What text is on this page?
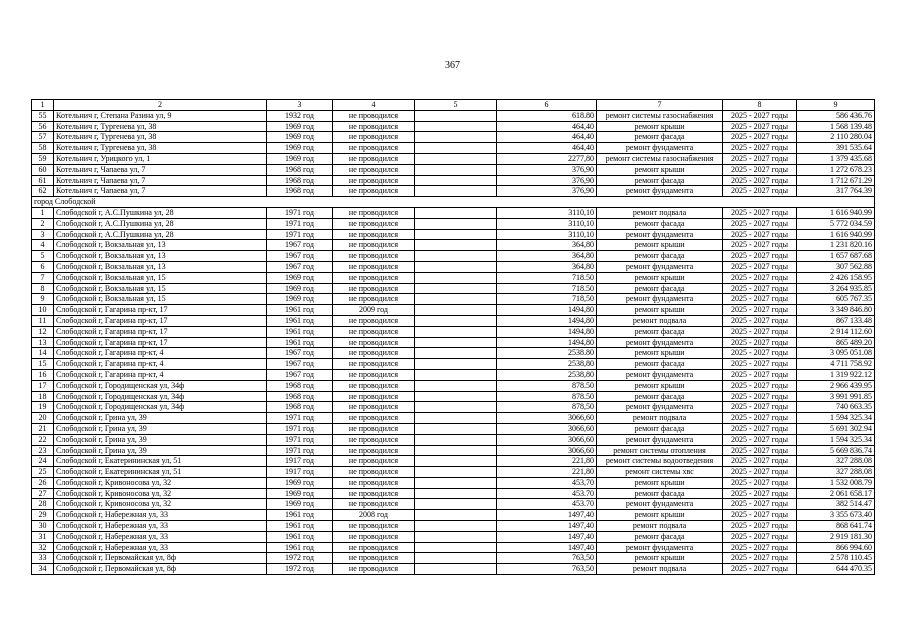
367
1	2	3	4	5	6	7	8	9
55	Котельнич г, Степана Разина ул, 9	1932 год	не проводился		618.80	ремонт системы газоснабжения	2025 - 2027 годы	586 436.76
56	Котельнич г, Тургенева ул, 38	1969 год	не проводился		464,40	ремонт крыши	2025 - 2027 годы	1 568 139.48
57	Котельнич г, Тургенева ул, 38	1969 год	не проводился		464,40	ремонт фасада	2025 - 2027 годы	2 110 280.04
58	Котельнич г, Тургенева ул, 38	1969 год	не проводился		464,40	ремонт фундамента	2025 - 2027 годы	391 535.64
59	Котельнич г, Урицкого ул, 1	1969 год	не проводился		2277,80	ремонт системы газоснабжения	2025 - 2027 годы	1 379 435.68
60	Котельнич г, Чапаева ул, 7	1968 год	не проводился		376,90	ремонт крыши	2025 - 2027 годы	1 272 678.23
61	Котельнич г, Чапаева ул, 7	1968 год	не проводился		376,90	ремонт фасада	2025 - 2027 годы	1 712 671.29
62	Котельнич г, Чапаева ул, 7	1968 год	не проводился		376,90	ремонт фундамента	2025 - 2027 годы	317 764.39
город Слободской								
1	Слободской г, А.С.Пушкина ул, 28	1971 год	не проводился		3110,10	ремонт подвала	2025 - 2027 годы	1 616 940.99
2	Слободской г, А.С.Пушкина ул, 28	1971 год	не проводился		3110,10	ремонт фасада	2025 - 2027 годы	5 772 034.59
3	Слободской г, А.С.Пушкина ул, 28	1971 год	не проводился		3110,10	ремонт фундамента	2025 - 2027 годы	1 616 940.99
4	Слободской г, Вокзальная ул, 13	1967 год	не проводился		364,80	ремонт крыши	2025 - 2027 годы	1 231 820.16
5	Слободской г, Вокзальная ул, 13	1967 год	не проводился		364,80	ремонт фасада	2025 - 2027 годы	1 657 687.68
6	Слободской г, Вокзальная ул, 13	1967 год	не проводился		364,80	ремонт фундамента	2025 - 2027 годы	307 562.88
7	Слободской г, Вокзальная ул, 15	1969 год	не проводился		718.50	ремонт крыши	2025 - 2027 годы	2 426 158.95
8	Слободской г, Вокзальная ул, 15	1969 год	не проводился		718.50	ремонт фасада	2025 - 2027 годы	3 264 935.85
9	Слободской г, Вокзальная ул, 15	1969 год	не проводился		718,50	ремонт фундамента	2025 - 2027 годы	605 767.35
10	Слободской г, Гагарина пр-кт, 17	1961 год	2009 год		1494,80	ремонт крыши	2025 - 2027 годы	3 349 846.80
11	Слободской г, Гагарина пр-кт, 17	1961 год	не проводился		1494,80	ремонт подвала	2025 - 2027 годы	867 133.48
12	Слободской г, Гагарина пр-кт, 17	1961 год	не проводился		1494,80	ремонт фасада	2025 - 2027 годы	2 914 112.60
13	Слободской г, Гагарина пр-кт, 17	1961 год	не проводился		1494,80	ремонт фундамента	2025 - 2027 годы	865 489.20
14	Слободской г, Гагарина пр-кт, 4	1967 год	не проводился		2538.80	ремонт крыши	2025 - 2027 годы	3 095 051.08
15	Слободской г, Гагарина пр-кт, 4	1967 год	не проводился		2538,80	ремонт фасада	2025 - 2027 годы	4 711 758.92
16	Слободской г, Гагарина пр-кт, 4	1967 год	не проводился		2538,80	ремонт фундамента	2025 - 2027 годы	1 319 922.12
17	Слободской г, Городищенская ул, 34ф	1968 год	не проводился		878.50	ремонт крыши	2025 - 2027 годы	2 966 439.95
18	Слободской г, Городищенская ул, 34ф	1968 год	не проводился		878.50	ремонт фасада	2025 - 2027 годы	3 991 991.85
19	Слободской г, Городищенская ул, 34ф	1968 год	не проводился		878,50	ремонт фундамента	2025 - 2027 годы	740 663.35
20	Слободской г, Грина ул, 39	1971 год	не проводился		3066,60	ремонт подвала	2025 - 2027 годы	1 594 325.34
21	Слободской г, Грина ул, 39	1971 год	не проводился		3066,60	ремонт фасада	2025 - 2027 годы	5 691 302.94
22	Слободской г, Грина ул, 39	1971 год	не проводился		3066,60	ремонт фундамента	2025 - 2027 годы	1 594 325.34
23	Слободской г, Грина ул, 39	1971 год	не проводился		3066,60	ремонт системы отопления	2025 - 2027 годы	5 669 836.74
24	Слободской г, Екатерининская ул, 51	1917 год	не проводился		221,80	ремонт системы водоотведения	2025 - 2027 годы	327 288.08
25	Слободской г, Екатерининская ул, 51	1917 год	не проводился		221,80	ремонт системы хвс	2025 - 2027 годы	327 288.08
26	Слободской г, Кривоносова ул, 32	1969 год	не проводился		453,70	ремонт крыши	2025 - 2027 годы	1 532 008.79
27	Слободской г, Кривоносова ул, 32	1969 год	не проводился		453.70	ремонт фасада	2025 - 2027 годы	2 061 658.17
28	Слободской г, Кривоносова ул, 32	1969 год	не проводился		453.70	ремонт фундамента	2025 - 2027 годы	382 514.47
29	Слободской г, Набережная ул, 33	1961 год	2008 год		1497,40	ремонт крыши	2025 - 2027 годы	3 355 673.40
30	Слободской г, Набережная ул, 33	1961 год	не проводился		1497,40	ремонт подвала	2025 - 2027 годы	868 641.74
31	Слободской г, Набережная ул, 33	1961 год	не проводился		1497,40	ремонт фасада	2025 - 2027 годы	2 919 181.30
32	Слободской г, Набережная ул, 33	1961 год	не проводился		1497,40	ремонт фундамента	2025 - 2027 годы	866 994.60
33	Слободской г, Первомайская ул, 8ф	1972 год	не проводился		763,50	ремонт крыши	2025 - 2027 годы	2 578 110.45
34	Слободской г, Первомайская ул, 8ф	1972 год	не проводился		763,50	ремонт подвала	2025 - 2027 годы	644 470.35
